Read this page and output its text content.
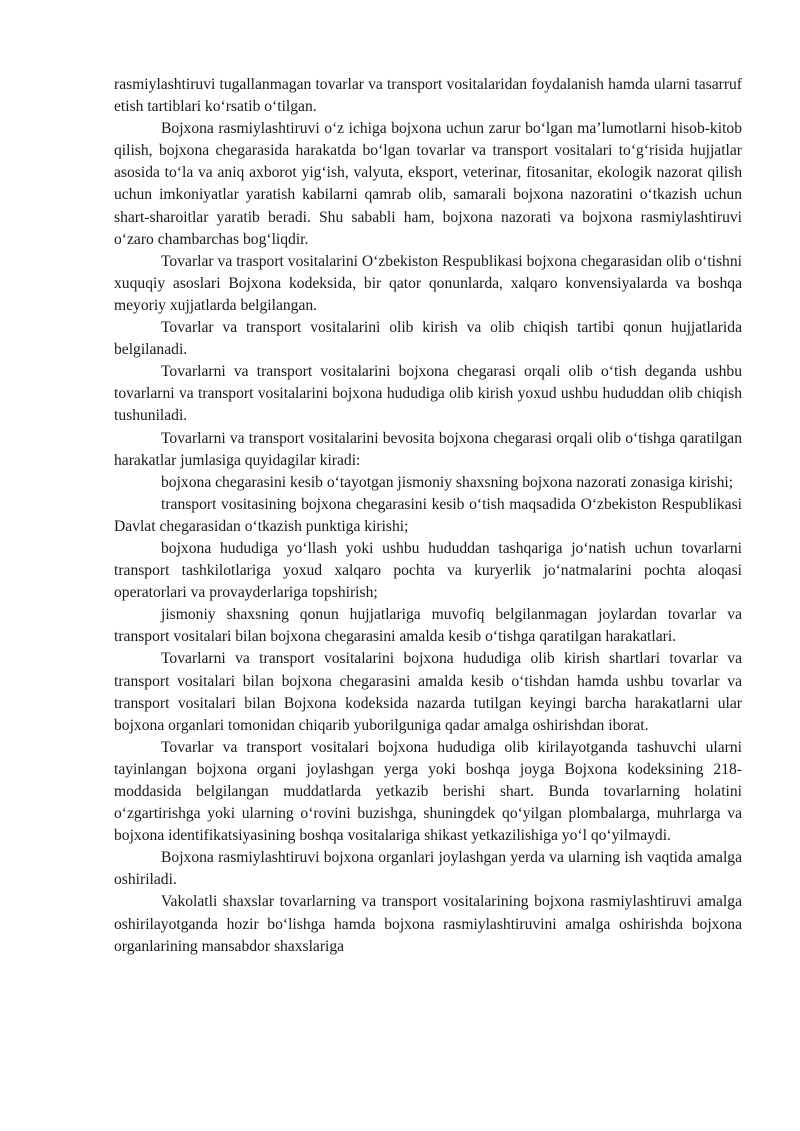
rasmiylashtiruvi tugallanmagan tovarlar va transport vositalaridan foydalanish hamda ularni tasarruf etish tartiblari ko‘rsatib o‘tilgan.

Bojxona rasmiylashtiruvi o‘z ichiga bojxona uchun zarur bo‘lgan ma’lumotlarni hisob-kitob qilish, bojxona chegarasida harakatda bo‘lgan tovarlar va transport vositalari to‘g‘risida hujjatlar asosida to‘la va aniq axborot yig‘ish, valyuta, eksport, veterinar, fitosanitar, ekologik nazorat qilish uchun imkoniyatlar yaratish kabilarni qamrab olib, samarali bojxona nazoratini o‘tkazish uchun shart-sharoitlar yaratib beradi. Shu sababli ham, bojxona nazorati va bojxona rasmiylashtiruvi o‘zaro chambarchas bog‘liqdir.

Tovarlar va trasport vositalarini O‘zbekiston Respublikasi bojxona chegarasidan olib o‘tishni xuquqiy asoslari Bojxona kodeksida, bir qator qonunlarda, xalqaro konvensiyalarda va boshqa meyoriy xujjatlarda belgilangan.

Tovarlar va transport vositalarini olib kirish va olib chiqish tartibi qonun hujjatlarida belgilanadi.

Tovarlarni va transport vositalarini bojxona chegarasi orqali olib o‘tish deganda ushbu tovarlarni va transport vositalarini bojxona hududiga olib kirish yoxud ushbu hududdan olib chiqish tushuniladi.

Tovarlarni va transport vositalarini bevosita bojxona chegarasi orqali olib o‘tishga qaratilgan harakatlar jumlasiga quyidagilar kiradi:

bojxona chegarasini kesib o‘tayotgan jismoniy shaxsning bojxona nazorati zonasiga kirishi;

transport vositasining bojxona chegarasini kesib o‘tish maqsadida O‘zbekiston Respublikasi Davlat chegarasidan o‘tkazish punktiga kirishi;

bojxona hududiga yo‘llash yoki ushbu hududdan tashqariga jo‘natish uchun tovarlarni transport tashkilotlariga yoxud xalqaro pochta va kuryerlik jo‘natmalarini pochta aloqasi operatorlari va provayderlariga topshirish;

jismoniy shaxsning qonun hujjatlariga muvofiq belgilanmagan joylardan tovarlar va transport vositalari bilan bojxona chegarasini amalda kesib o‘tishga qaratilgan harakatlari.

Tovarlarni va transport vositalarini bojxona hududiga olib kirish shartlari tovarlar va transport vositalari bilan bojxona chegarasini amalda kesib o‘tishdan hamda ushbu tovarlar va transport vositalari bilan Bojxona kodeksida nazarda tutilgan keyingi barcha harakatlarni ular bojxona organlari tomonidan chiqarib yuborilguniga qadar amalga oshirishdan iborat.

Tovarlar va transport vositalari bojxona hududiga olib kirilayotganda tashuvchi ularni tayinlangan bojxona organi joylashgan yerga yoki boshqa joyga Bojxona kodeksining 218- moddasida belgilangan muddatlarda yetkazib berishi shart. Bunda tovarlarning holatini o‘zgartirishga yoki ularning o‘rovini buzishga, shuningdek qo‘yilgan plombalarga, muhrlarga va bojxona identifikatsiyasining boshqa vositalariga shikast yetkazilishiga yo‘l qo‘yilmaydi.

Bojxona rasmiylashtiruvi bojxona organlari joylashgan yerda va ularning ish vaqtida amalga oshiriladi.

Vakolatli shaxslar tovarlarning va transport vositalarining bojxona rasmiylashtiruvi amalga oshirilayotganda hozir bo‘lishga hamda bojxona rasmiylashtiruvini amalga oshirishda bojxona organlarining mansabdor shaxslariga
